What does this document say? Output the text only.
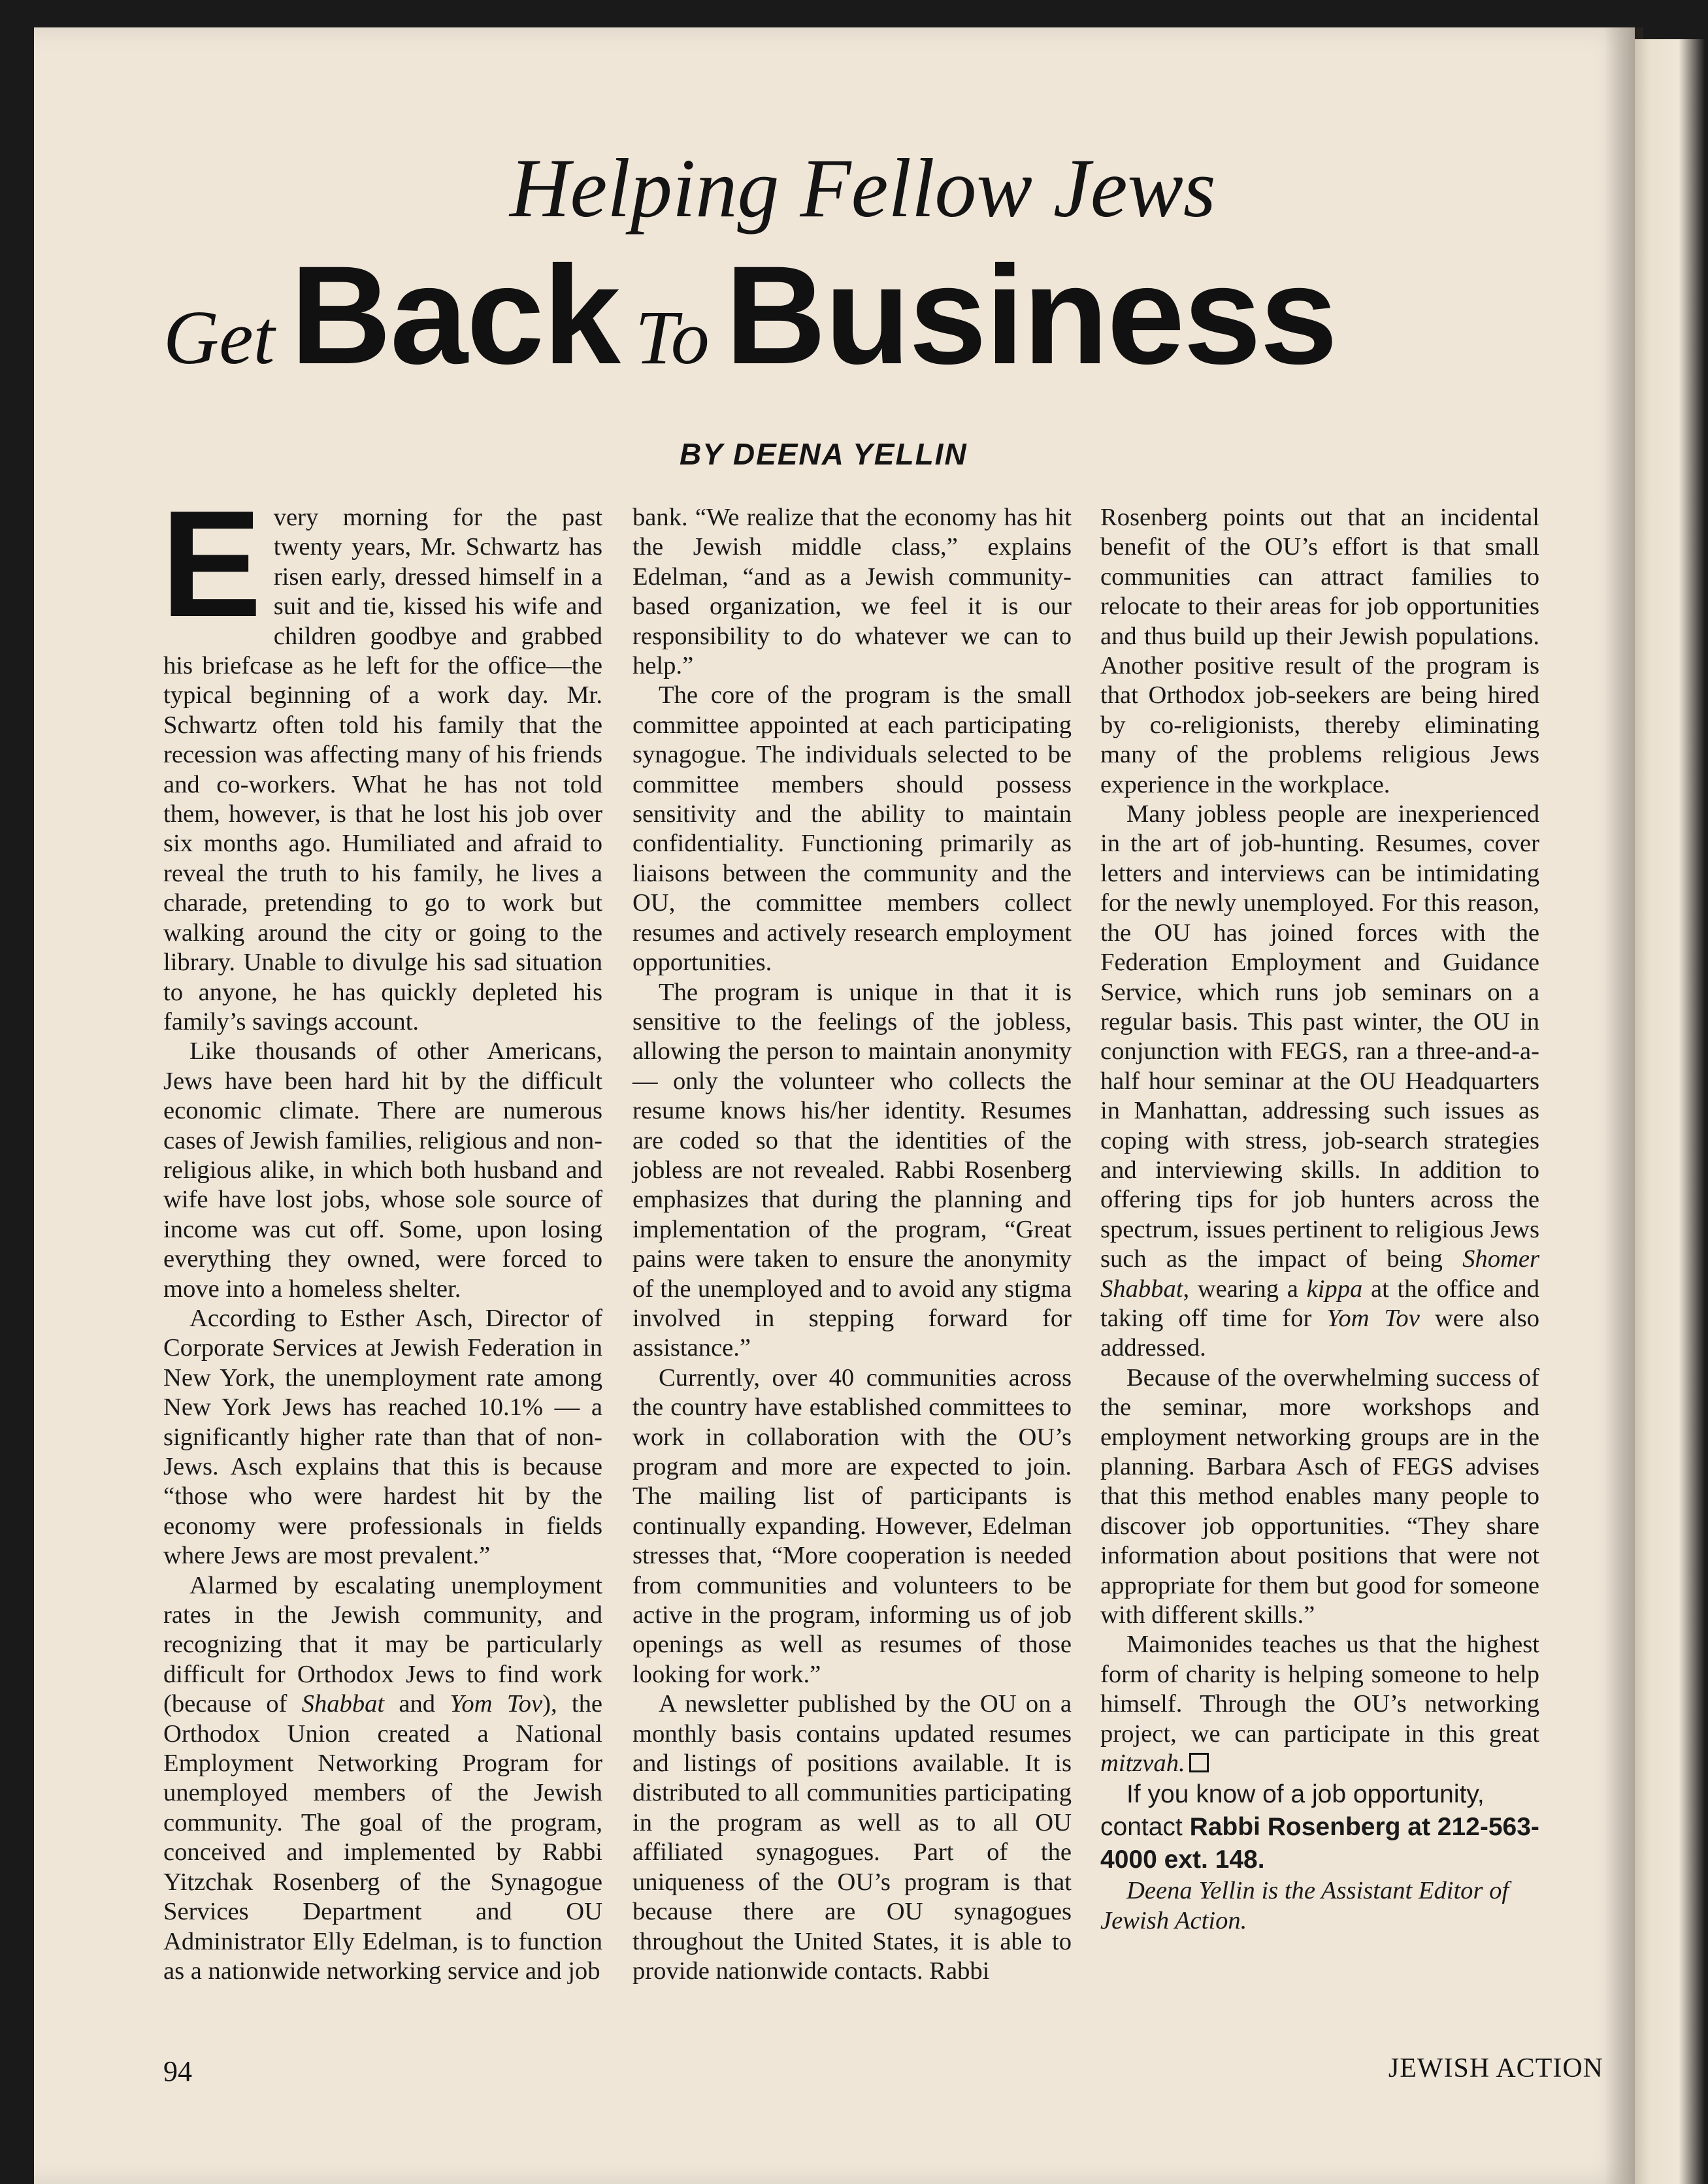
Helping Fellow Jews
Get Back To Business
BY DEENA YELLIN

Every morning for the past twenty years, Mr. Schwartz has risen early, dressed himself in a suit and tie, kissed his wife and children goodbye and grabbed his briefcase as he left for the office—the typical beginning of a work day. Mr. Schwartz often told his family that the recession was affecting many of his friends and co-workers. What he has not told them, however, is that he lost his job over six months ago. Humiliated and afraid to reveal the truth to his family, he lives a charade, pretending to go to work but walking around the city or going to the library. Unable to divulge his sad situation to anyone, he has quickly depleted his family’s savings account.

Like thousands of other Americans, Jews have been hard hit by the difficult economic climate. There are numerous cases of Jewish families, religious and non-religious alike, in which both husband and wife have lost jobs, whose sole source of income was cut off. Some, upon losing everything they owned, were forced to move into a homeless shelter.

According to Esther Asch, Director of Corporate Services at Jewish Federation in New York, the unemployment rate among New York Jews has reached 10.1% — a significantly higher rate than that of non-Jews. Asch explains that this is because “those who were hardest hit by the economy were professionals in fields where Jews are most prevalent.”

Alarmed by escalating unemployment rates in the Jewish community, and recognizing that it may be particularly difficult for Orthodox Jews to find work (because of Shabbat and Yom Tov), the Orthodox Union created a National Employment Networking Program for unemployed members of the Jewish community. The goal of the program, conceived and implemented by Rabbi Yitzchak Rosenberg of the Synagogue Services Department and OU Administrator Elly Edelman, is to function as a nationwide networking service and job

bank. “We realize that the economy has hit the Jewish middle class,” explains Edelman, “and as a Jewish community-based organization, we feel it is our responsibility to do whatever we can to help.”

The core of the program is the small committee appointed at each participating synagogue. The individuals selected to be committee members should possess sensitivity and the ability to maintain confidentiality. Functioning primarily as liaisons between the community and the OU, the committee members collect resumes and actively research employment opportunities.

The program is unique in that it is sensitive to the feelings of the jobless, allowing the person to maintain anonymity — only the volunteer who collects the resume knows his/her identity. Resumes are coded so that the identities of the jobless are not revealed. Rabbi Rosenberg emphasizes that during the planning and implementation of the program, “Great pains were taken to ensure the anonymity of the unemployed and to avoid any stigma involved in stepping forward for assistance.”

Currently, over 40 communities across the country have established committees to work in collaboration with the OU’s program and more are expected to join. The mailing list of participants is continually expanding. However, Edelman stresses that, “More cooperation is needed from communities and volunteers to be active in the program, informing us of job openings as well as resumes of those looking for work.”

A newsletter published by the OU on a monthly basis contains updated resumes and listings of positions available. It is distributed to all communities participating in the program as well as to all OU affiliated synagogues. Part of the uniqueness of the OU’s program is that because there are OU synagogues throughout the United States, it is able to provide nationwide contacts. Rabbi

Rosenberg points out that an incidental benefit of the OU’s effort is that small communities can attract families to relocate to their areas for job opportunities and thus build up their Jewish populations. Another positive result of the program is that Orthodox job-seekers are being hired by co-religionists, thereby eliminating many of the problems religious Jews experience in the workplace.

Many jobless people are inexperienced in the art of job-hunting. Resumes, cover letters and interviews can be intimidating for the newly unemployed. For this reason, the OU has joined forces with the Federation Employment and Guidance Service, which runs job seminars on a regular basis. This past winter, the OU in conjunction with FEGS, ran a three-and-a-half hour seminar at the OU Headquarters in Manhattan, addressing such issues as coping with stress, job-search strategies and interviewing skills. In addition to offering tips for job hunters across the spectrum, issues pertinent to religious Jews such as the impact of being Shomer Shabbat, wearing a kippa at the office and taking off time for Yom Tov were also addressed.

Because of the overwhelming success of the seminar, more workshops and employment networking groups are in the planning. Barbara Asch of FEGS advises that this method enables many people to discover job opportunities. “They share information about positions that were not appropriate for them but good for someone with different skills.”

Maimonides teaches us that the highest form of charity is helping someone to help himself. Through the OU’s networking project, we can participate in this great mitzvah.

If you know of a job opportunity, contact Rabbi Rosenberg at 212-563-4000 ext. 148.

Deena Yellin is the Assistant Editor of Jewish Action.

94	JEWISH ACTION
